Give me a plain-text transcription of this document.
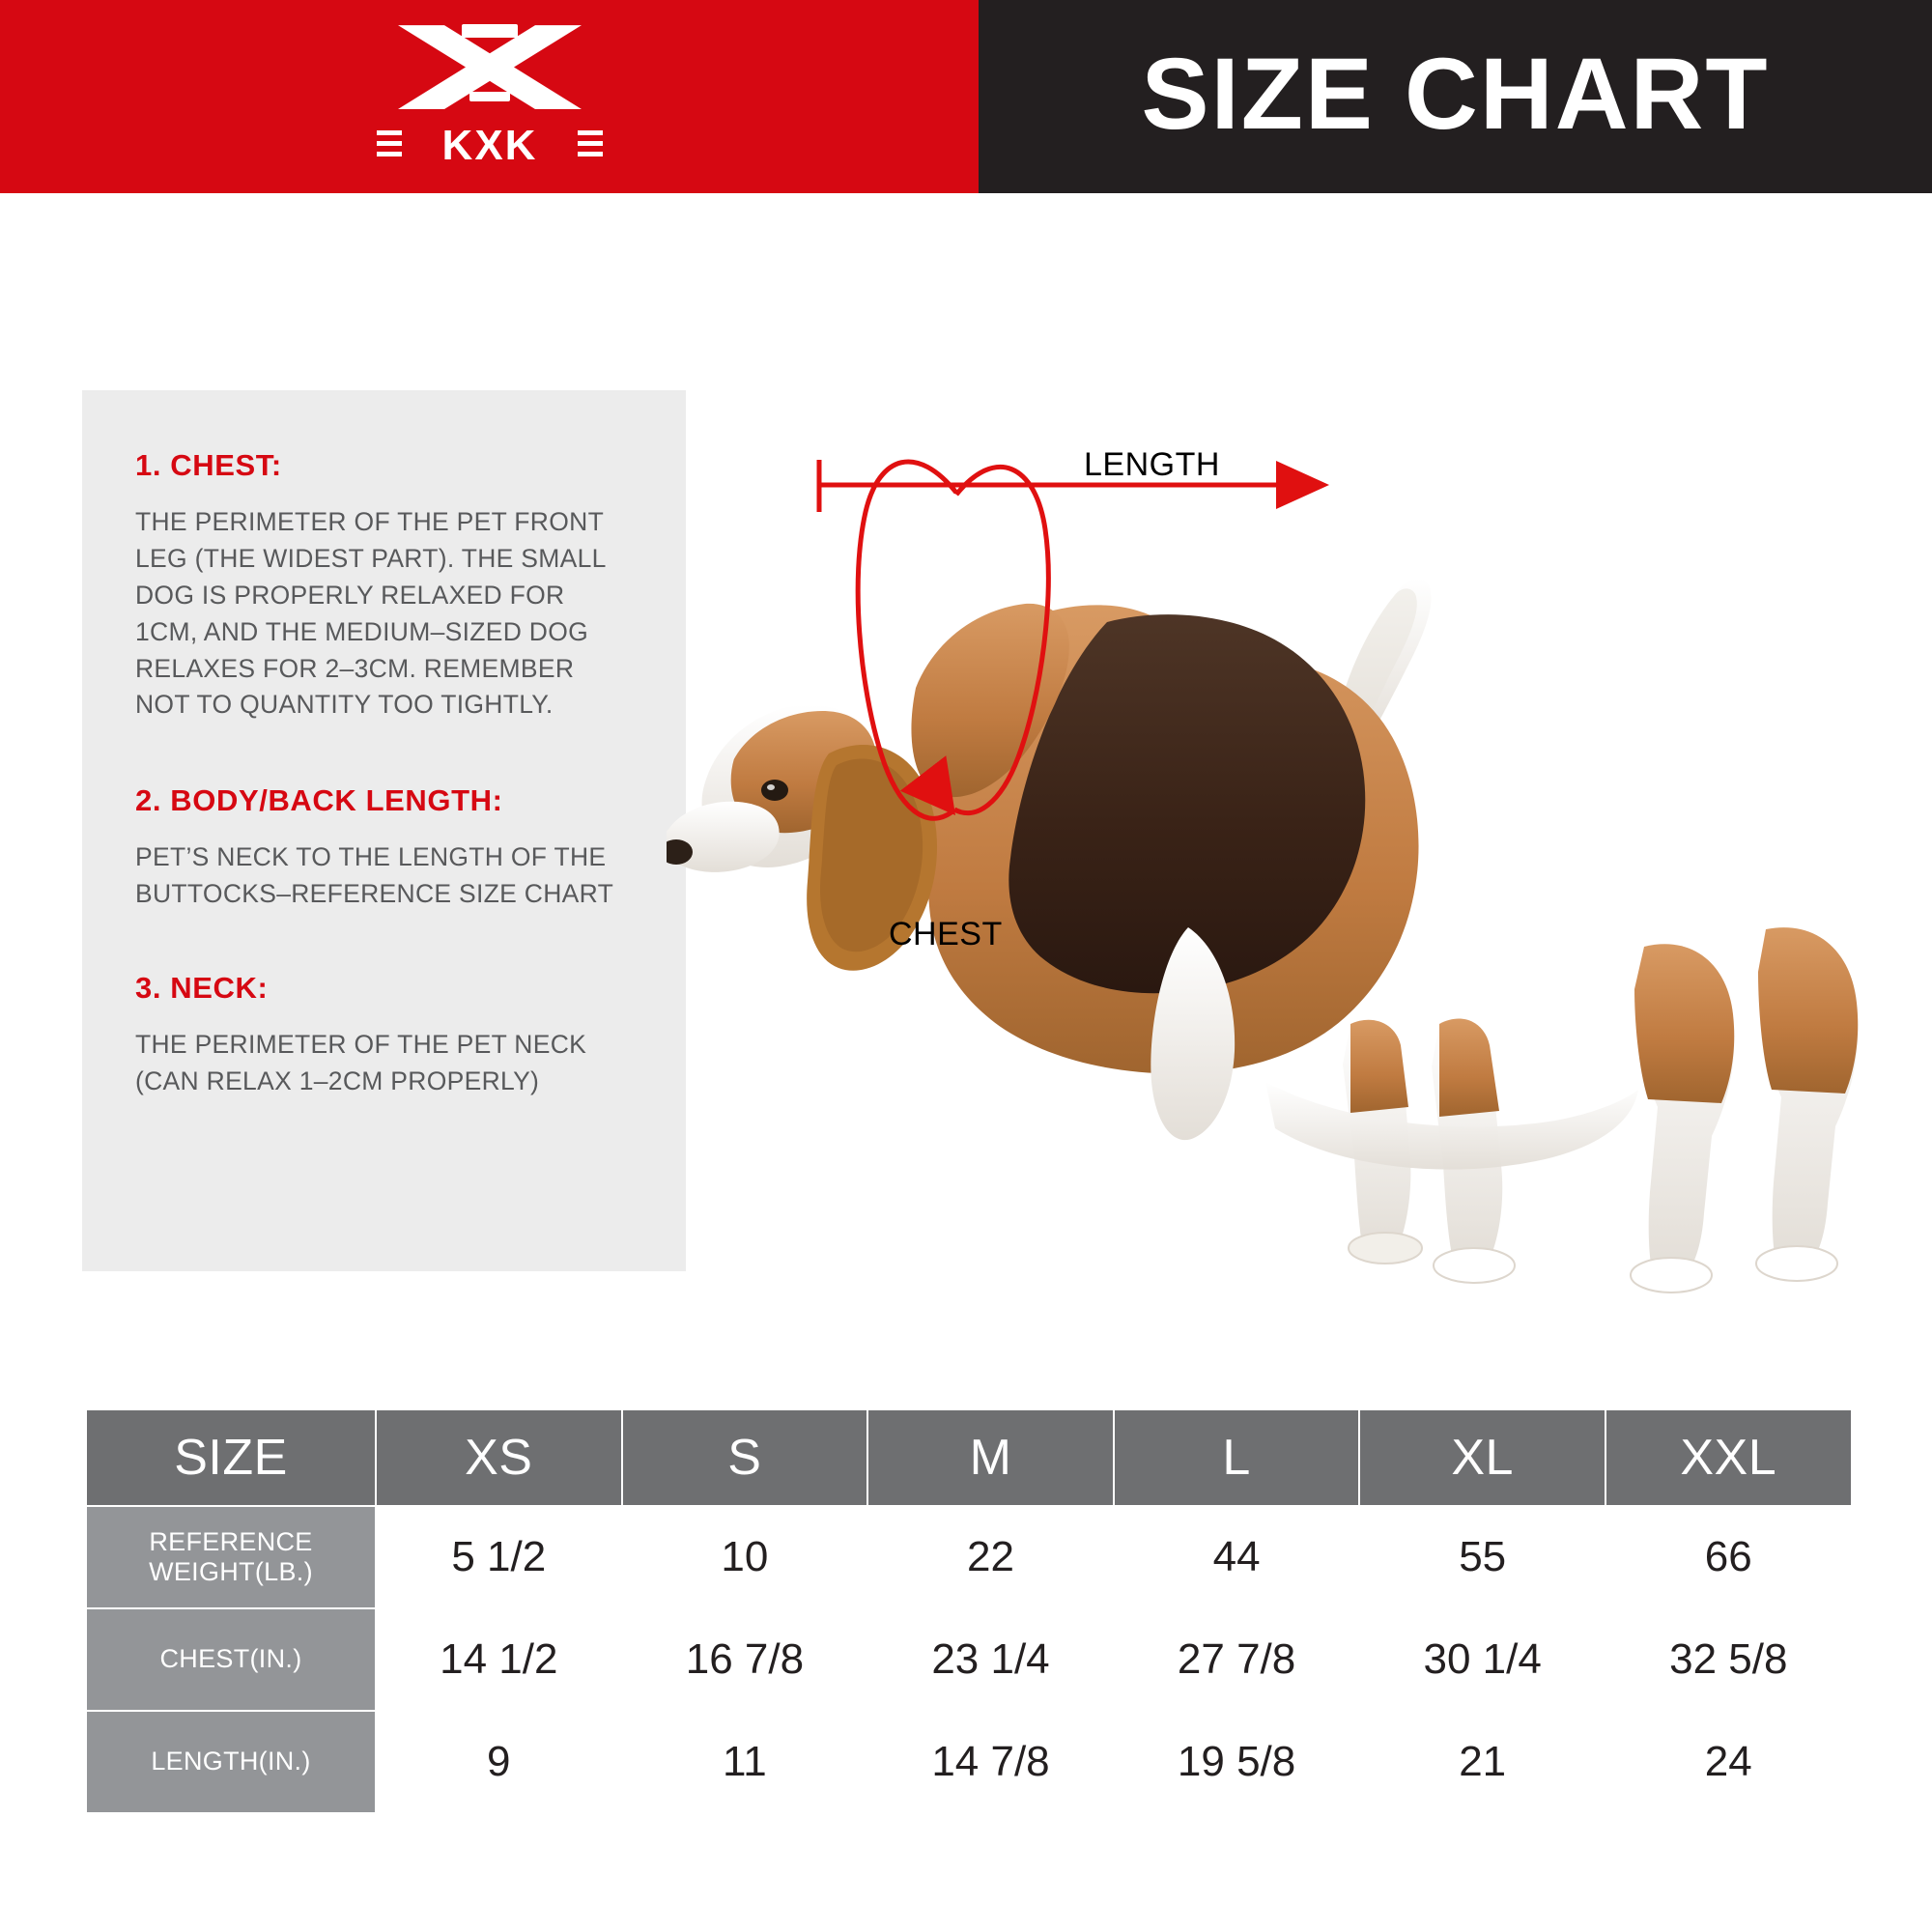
KXK	SIZE CHART
1. CHEST:
THE PERIMETER OF THE PET FRONT LEG (THE WIDEST PART). THE SMALL DOG IS PROPERLY RELAXED FOR 1CM, AND THE MEDIUM–SIZED DOG RELAXES FOR 2–3CM. REMEMBER NOT TO QUANTITY TOO TIGHTLY.
2. BODY/BACK LENGTH:
PET’S NECK TO THE LENGTH OF THE BUTTOCKS–REFERENCE SIZE CHART
3. NECK:
THE PERIMETER OF THE PET NECK (CAN RELAX 1–2CM PROPERLY)
LENGTH
CHEST
SIZE	XS	S	M	L	XL	XXL
REFERENCE WEIGHT(LB.)	5 1/2	10	22	44	55	66
CHEST(IN.)	14 1/2	16 7/8	23 1/4	27 7/8	30 1/4	32 5/8
LENGTH(IN.)	9	11	14 7/8	19 5/8	21	24
